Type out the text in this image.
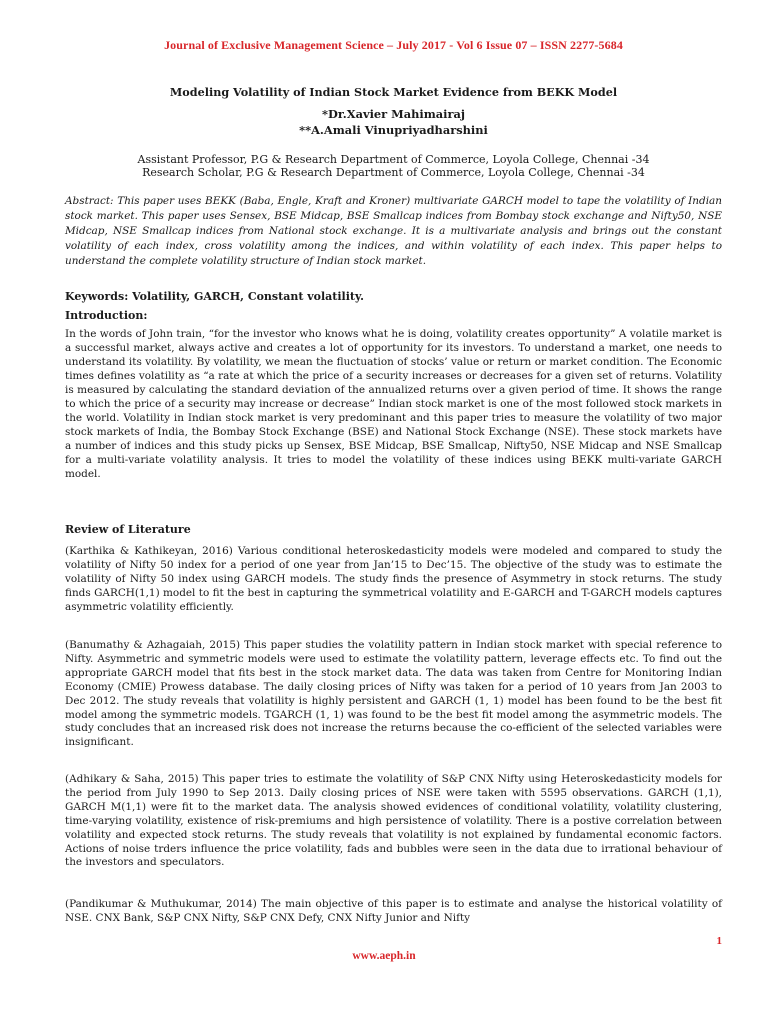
Journal of Exclusive Management Science – July 2017 - Vol 6 Issue 07 – ISSN 2277-5684
Modeling Volatility of Indian Stock Market Evidence from BEKK Model
*Dr.Xavier Mahimairaj
**A.Amali Vinupriyadharshini
Assistant Professor, P.G & Research Department of Commerce, Loyola College, Chennai -34
Research Scholar, P.G & Research Department of Commerce, Loyola College, Chennai -34
Abstract: This paper uses BEKK (Baba, Engle, Kraft and Kroner) multivariate GARCH model to tape the volatility of Indian stock market. This paper uses Sensex, BSE Midcap, BSE Smallcap indices from Bombay stock exchange and Nifty50, NSE Midcap, NSE Smallcap indices from National stock exchange. It is a multivariate analysis and brings out the constant volatility of each index, cross volatility among the indices, and within volatility of each index. This paper helps to understand the complete volatility structure of Indian stock market.
Keywords: Volatility, GARCH, Constant volatility.
Introduction:
In the words of John train, “for the investor who knows what he is doing, volatility creates opportunity” A volatile market is a successful market, always active and creates a lot of opportunity for its investors. To understand a market, one needs to understand its volatility. By volatility, we mean the fluctuation of stocks’ value or return or market condition. The Economic times defines volatility as “a rate at which the price of a security increases or decreases for a given set of returns. Volatility is measured by calculating the standard deviation of the annualized returns over a given period of time. It shows the range to which the price of a security may increase or decrease” Indian stock market is one of the most followed stock markets in the world. Volatility in Indian stock market is very predominant and this paper tries to measure the volatility of two major stock markets of India, the Bombay Stock Exchange (BSE) and National Stock Exchange (NSE). These stock markets have a number of indices and this study picks up Sensex, BSE Midcap, BSE Smallcap, Nifty50, NSE Midcap and NSE Smallcap for a multi-variate volatility analysis. It tries to model the volatility of these indices using BEKK multi-variate GARCH model.
Review of Literature
(Karthika & Kathikeyan, 2016) Various conditional heteroskedasticity models were modeled and compared to study the volatility of Nifty 50 index for a period of one year from Jan’15 to Dec’15. The objective of the study was to estimate the volatility of Nifty 50 index using GARCH models. The study finds the presence of Asymmetry in stock returns. The study finds GARCH(1,1) model to fit the best in capturing the symmetrical volatility and E-GARCH and T-GARCH models captures asymmetric volatility efficiently.
(Banumathy & Azhagaiah, 2015) This paper studies the volatility pattern in Indian stock market with special reference to Nifty. Asymmetric and symmetric models were used to estimate the volatility pattern, leverage effects etc. To find out the appropriate GARCH model that fits best in the stock market data. The data was taken from Centre for Monitoring Indian Economy (CMIE) Prowess database. The daily closing prices of Nifty was taken for a period of 10 years from Jan 2003 to Dec 2012. The study reveals that volatility is highly persistent and GARCH (1, 1) model has been found to be the best fit model among the symmetric models. TGARCH (1, 1) was found to be the best fit model among the asymmetric models. The study concludes that an increased risk does not increase the returns because the co-efficient of the selected variables were insignificant.
(Adhikary & Saha, 2015) This paper tries to estimate the volatility of S&P CNX Nifty using Heteroskedasticity models for the period from July 1990 to Sep 2013. Daily closing prices of NSE were taken with 5595 observations. GARCH (1,1), GARCH M(1,1) were fit to the market data. The analysis showed evidences of conditional volatility, volatility clustering, time-varying volatility, existence of risk-premiums and high persistence of volatility. There is a postive correlation between volatility and expected stock returns. The study reveals that volatility is not explained by fundamental economic factors. Actions of noise trders influence the price volatility, fads and bubbles were seen in the data due to irrational behaviour of the investors and speculators.
(Pandikumar & Muthukumar, 2014) The main objective of this paper is to estimate and analyse the historical volatility of NSE. CNX Bank, S&P CNX Nifty, S&P CNX Defy, CNX Nifty Junior and Nifty
1
www.aeph.in
